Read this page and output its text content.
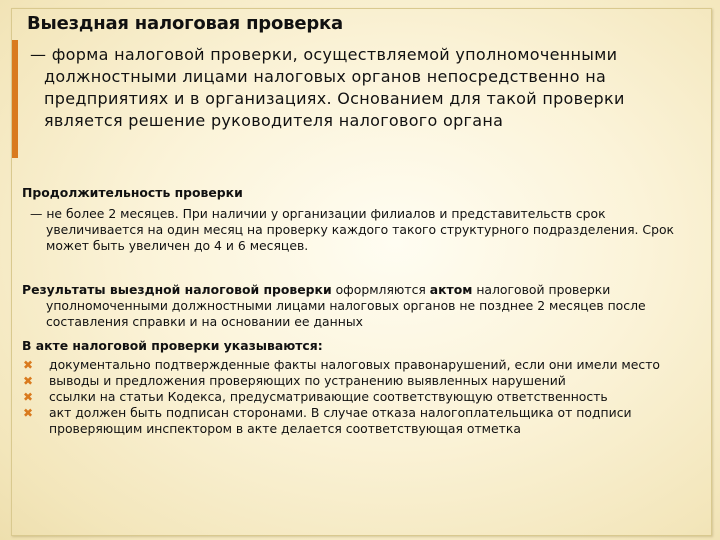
Выездная налоговая проверка
— форма налоговой проверки, осуществляемой уполномоченными должностными лицами налоговых органов непосредственно на предприятиях и в организациях. Основанием для такой проверки является решение руководителя налогового органа
Продолжительность проверки
— не более 2 месяцев. При наличии у организации филиалов и представительств срок увеличивается на один месяц на проверку каждого такого структурного подразделения. Срок может быть увеличен до 4 и 6 месяцев.
Результаты выездной налоговой проверки оформляются актом налоговой проверки уполномоченными должностными лицами налоговых органов не позднее 2 месяцев после составления справки и на основании ее данных
В акте налоговой проверки указываются:
✖ документально подтвержденные факты налоговых правонарушений, если они имели место
✖ выводы и предложения проверяющих по устранению выявленных нарушений
✖ ссылки на статьи Кодекса, предусматривающие соответствующую ответственность
✖ акт должен быть подписан сторонами. В случае отказа налогоплательщика от подписи проверяющим инспектором в акте делается соответствующая отметка
